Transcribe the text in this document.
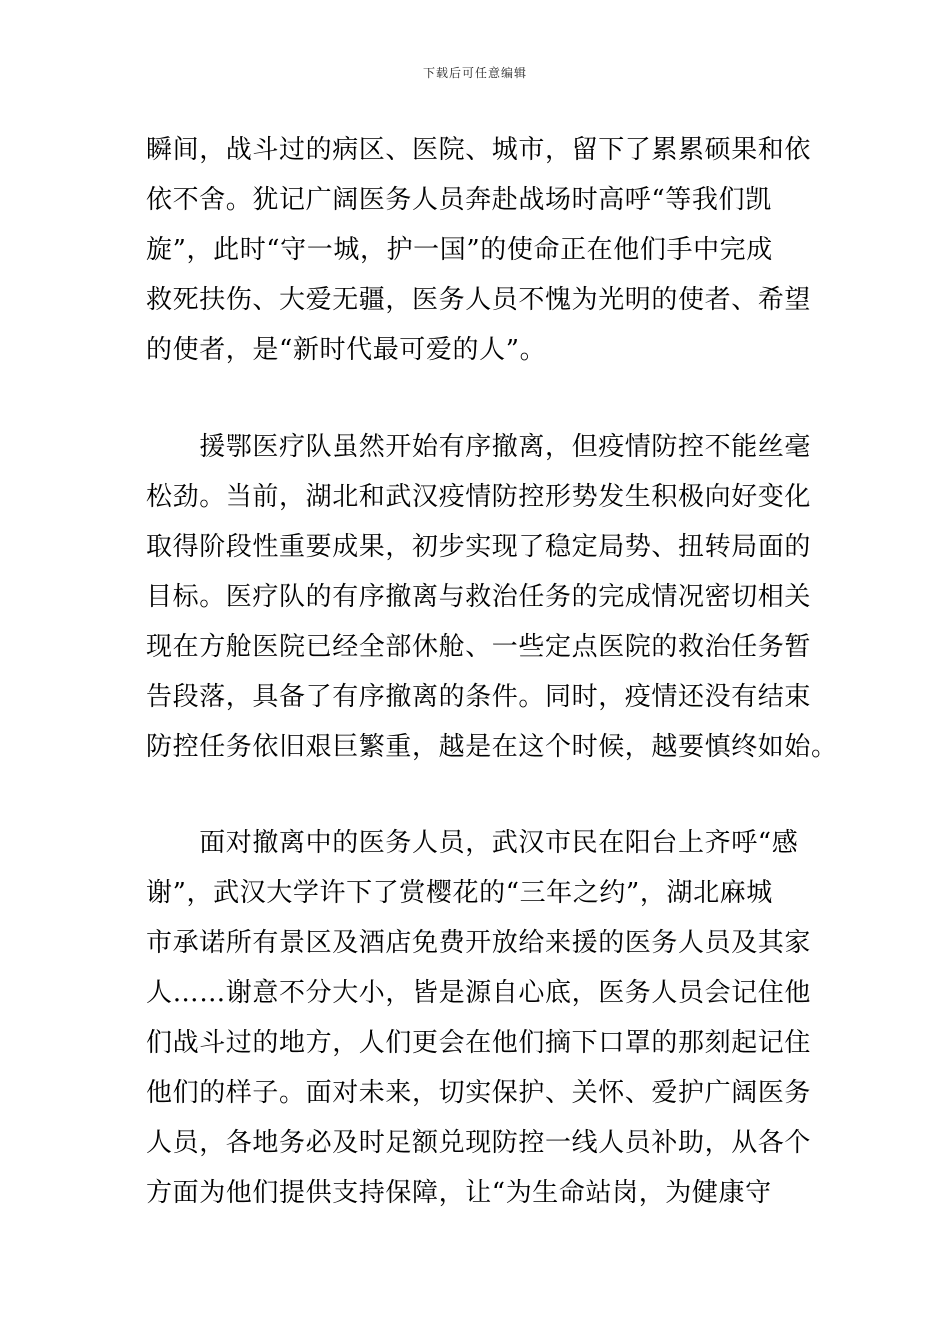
下载后可任意编辑
瞬间，战斗过的病区、医院、城市，留下了累累硕果和依
依不舍。犹记广阔医务人员奔赴战场时高呼“等我们凯
旋”，此时“守一城，护一国”的使命正在他们手中完成
救死扶伤、大爱无疆，医务人员不愧为光明的使者、希望
的使者，是“新时代最可爱的人”。
　　援鄂医疗队虽然开始有序撤离，但疫情防控不能丝毫
松劲。当前，湖北和武汉疫情防控形势发生积极向好变化
取得阶段性重要成果，初步实现了稳定局势、扭转局面的
目标。医疗队的有序撤离与救治任务的完成情况密切相关
现在方舱医院已经全部休舱、一些定点医院的救治任务暂
告段落，具备了有序撤离的条件。同时，疫情还没有结束
防控任务依旧艰巨繁重，越是在这个时候，越要慎终如始。
　　面对撤离中的医务人员，武汉市民在阳台上齐呼“感
谢”，武汉大学许下了赏樱花的“三年之约”，湖北麻城
市承诺所有景区及酒店免费开放给来援的医务人员及其家
人……谢意不分大小，皆是源自心底，医务人员会记住他
们战斗过的地方，人们更会在他们摘下口罩的那刻起记住
他们的样子。面对未来，切实保护、关怀、爱护广阔医务
人员，各地务必及时足额兑现防控一线人员补助，从各个
方面为他们提供支持保障，让“为生命站岗，为健康守
